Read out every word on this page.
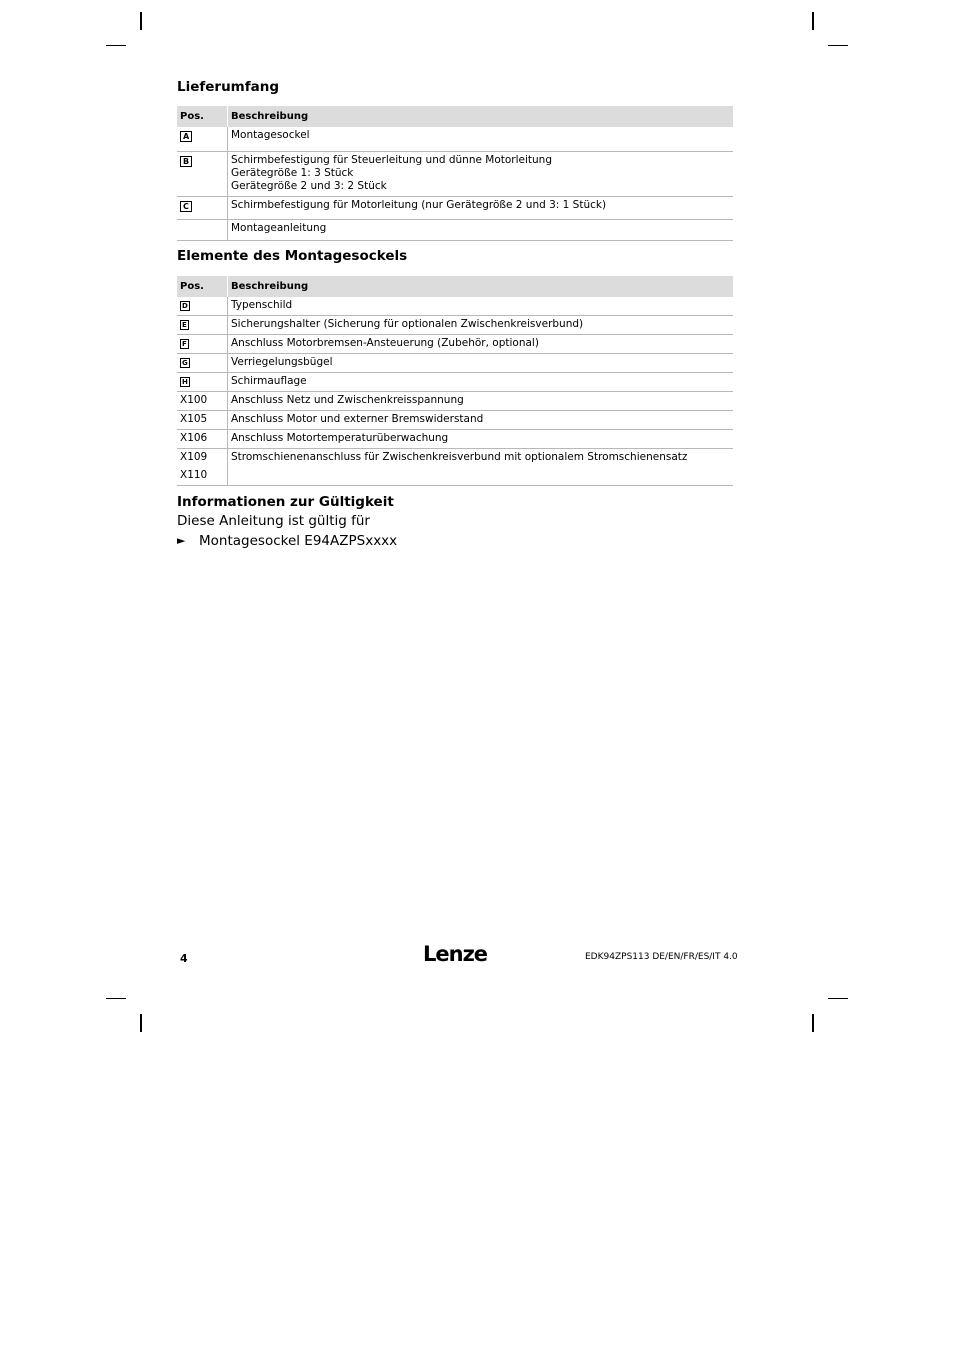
Lieferumfang
Pos.	Beschreibung
A	Montagesockel

B	Schirmbefestigung für Steuerleitung und dünne Motorleitung
Gerätegröße 1: 3 Stück
Gerätegröße 2 und 3: 2 Stück

C	Schirmbefestigung für Motorleitung (nur Gerätegröße 2 und 3: 1 Stück)

	Montageanleitung
Elemente des Montagesockels
Pos.	Beschreibung
D	Typenschild
E	Sicherungshalter (Sicherung für optionalen Zwischenkreisverbund)
F	Anschluss Motorbremsen-Ansteuerung (Zubehör, optional)
G	Verriegelungsbügel
H	Schirmauflage
X100	Anschluss Netz und Zwischenkreisspannung
X105	Anschluss Motor und externer Bremswiderstand
X106	Anschluss Motortemperaturüberwachung
X109	Stromschienenanschluss für Zwischenkreisverbund mit optionalem Stromschienensatz
X110	
Informationen zur Gültigkeit

Diese Anleitung ist gültig für

►	Montagesockel E94AZPSxxxx
4	Lenze	EDK94ZPS113 DE/EN/FR/ES/IT 4.0
